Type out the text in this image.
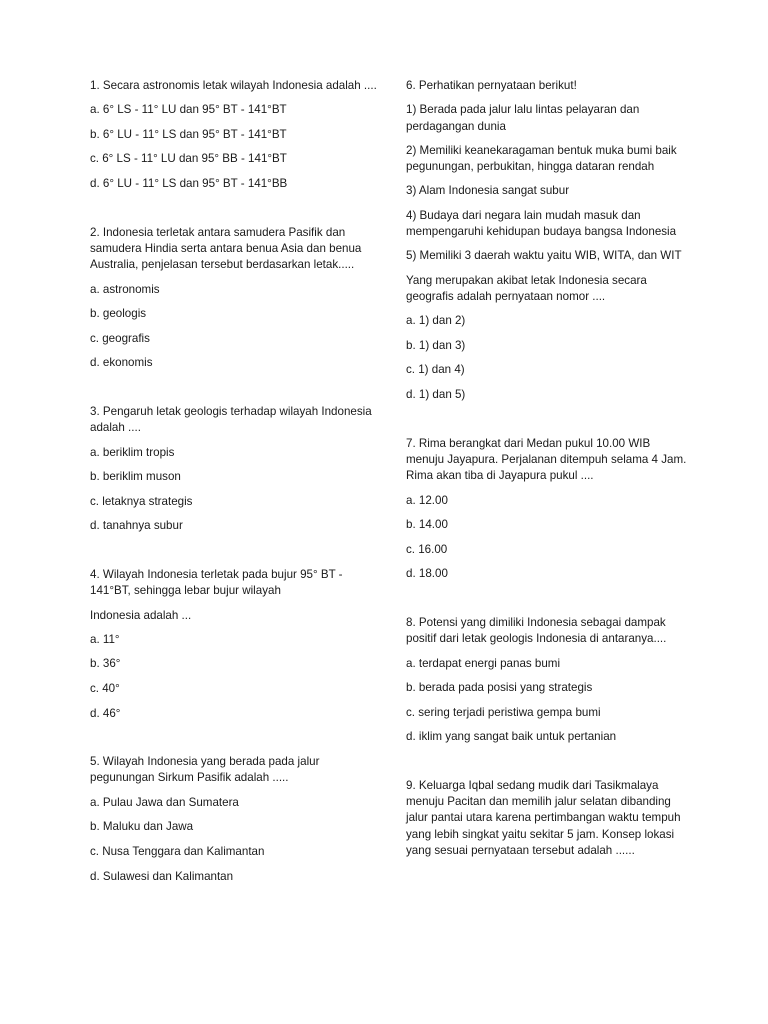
1. Secara astronomis letak wilayah Indonesia adalah ....

a. 6° LS - 11° LU dan 95° BT - 141°BT

b. 6° LU - 11° LS dan 95° BT - 141°BT

c. 6° LS - 11° LU dan 95° BB - 141°BT

d. 6° LU - 11° LS dan 95° BT - 141°BB

2. Indonesia terletak antara samudera Pasifik dan samudera Hindia serta antara benua Asia dan benua Australia, penjelasan tersebut berdasarkan letak.....

a. astronomis

b. geologis

c. geografis

d. ekonomis

3. Pengaruh letak geologis terhadap wilayah Indonesia adalah ....

a. beriklim tropis

b. beriklim muson

c. letaknya strategis

d. tanahnya subur

4. Wilayah Indonesia terletak pada bujur 95° BT - 141°BT, sehingga lebar bujur wilayah

Indonesia adalah ...

a. 11°

b. 36°

c. 40°

d. 46°

5. Wilayah Indonesia yang berada pada jalur pegunungan Sirkum Pasifik adalah .....

a. Pulau Jawa dan Sumatera

b. Maluku dan Jawa

c. Nusa Tenggara dan Kalimantan

d. Sulawesi dan Kalimantan

6. Perhatikan pernyataan berikut!

1) Berada pada jalur lalu lintas pelayaran dan perdagangan dunia

2) Memiliki keanekaragaman bentuk muka bumi baik pegunungan, perbukitan, hingga dataran rendah

3) Alam Indonesia sangat subur

4) Budaya dari negara lain mudah masuk dan mempengaruhi kehidupan budaya bangsa Indonesia

5) Memiliki 3 daerah waktu yaitu WIB, WITA, dan WIT

Yang merupakan akibat letak Indonesia secara geografis adalah pernyataan nomor ....

a. 1) dan 2)

b. 1) dan 3)

c. 1) dan 4)

d. 1) dan 5)

7. Rima berangkat dari Medan pukul 10.00 WIB menuju Jayapura. Perjalanan ditempuh selama 4 Jam. Rima akan tiba di Jayapura pukul ....

a. 12.00

b. 14.00

c. 16.00

d. 18.00

8. Potensi yang dimiliki Indonesia sebagai dampak positif dari letak geologis Indonesia di antaranya....

a. terdapat energi panas bumi

b. berada pada posisi yang strategis

c. sering terjadi peristiwa gempa bumi

d. iklim yang sangat baik untuk pertanian

9. Keluarga Iqbal sedang mudik dari Tasikmalaya menuju Pacitan dan memilih jalur selatan dibanding jalur pantai utara karena pertimbangan waktu tempuh yang lebih singkat yaitu sekitar 5 jam. Konsep lokasi yang sesuai pernyataan tersebut adalah ......
